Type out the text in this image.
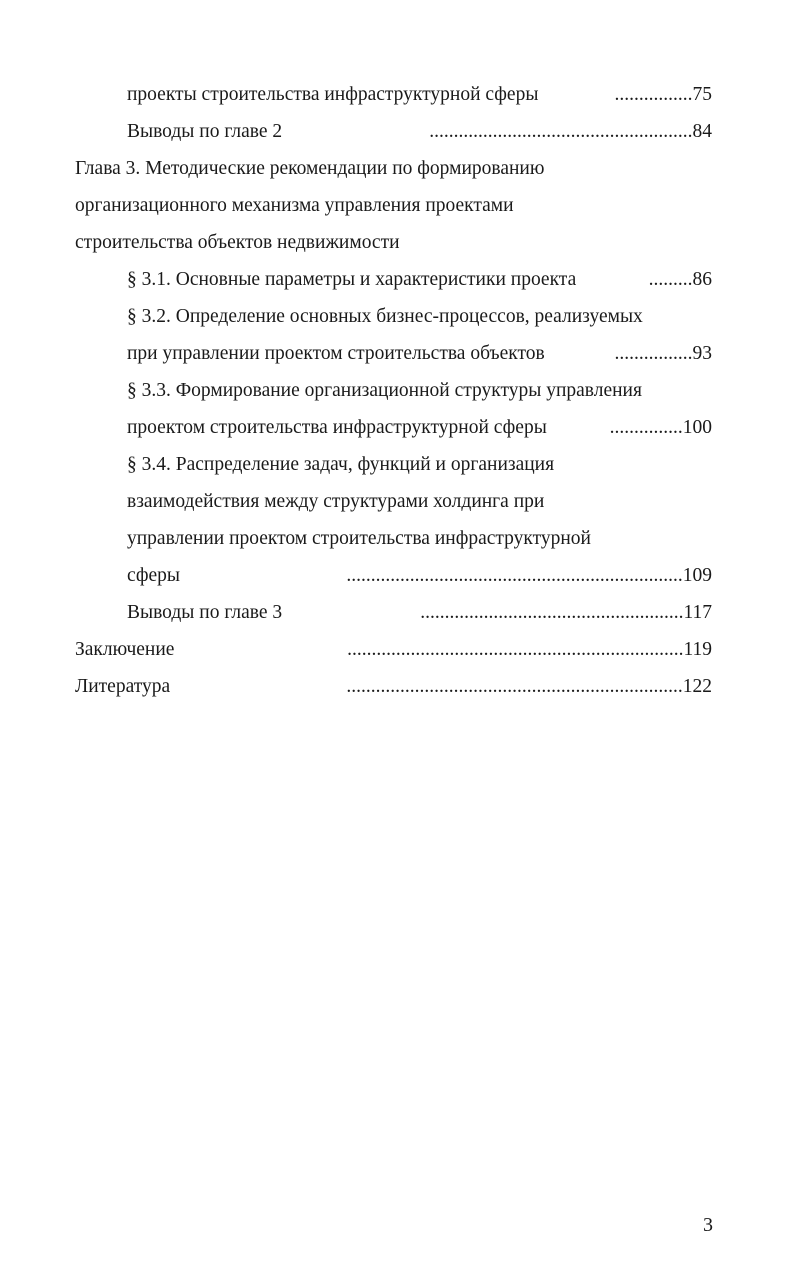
проекты строительства инфраструктурной сферы	................75
Выводы по главе 2	......................................................84
Глава 3. Методические рекомендации по формированию
организационного механизма управления проектами
строительства объектов недвижимости
§ 3.1. Основные параметры и характеристики проекта	.........86
§ 3.2. Определение основных бизнес-процессов, реализуемых
при управлении проектом строительства объектов	................93
§ 3.3. Формирование организационной структуры управления
проектом строительства инфраструктурной сферы	...............100
§ 3.4. Распределение задач, функций и организация
взаимодействия между структурами холдинга при
управлении проектом строительства инфраструктурной
сферы	.....................................................................109
Выводы по главе 3	......................................................117
Заключение	.....................................................................119
Литература	.....................................................................122
3
